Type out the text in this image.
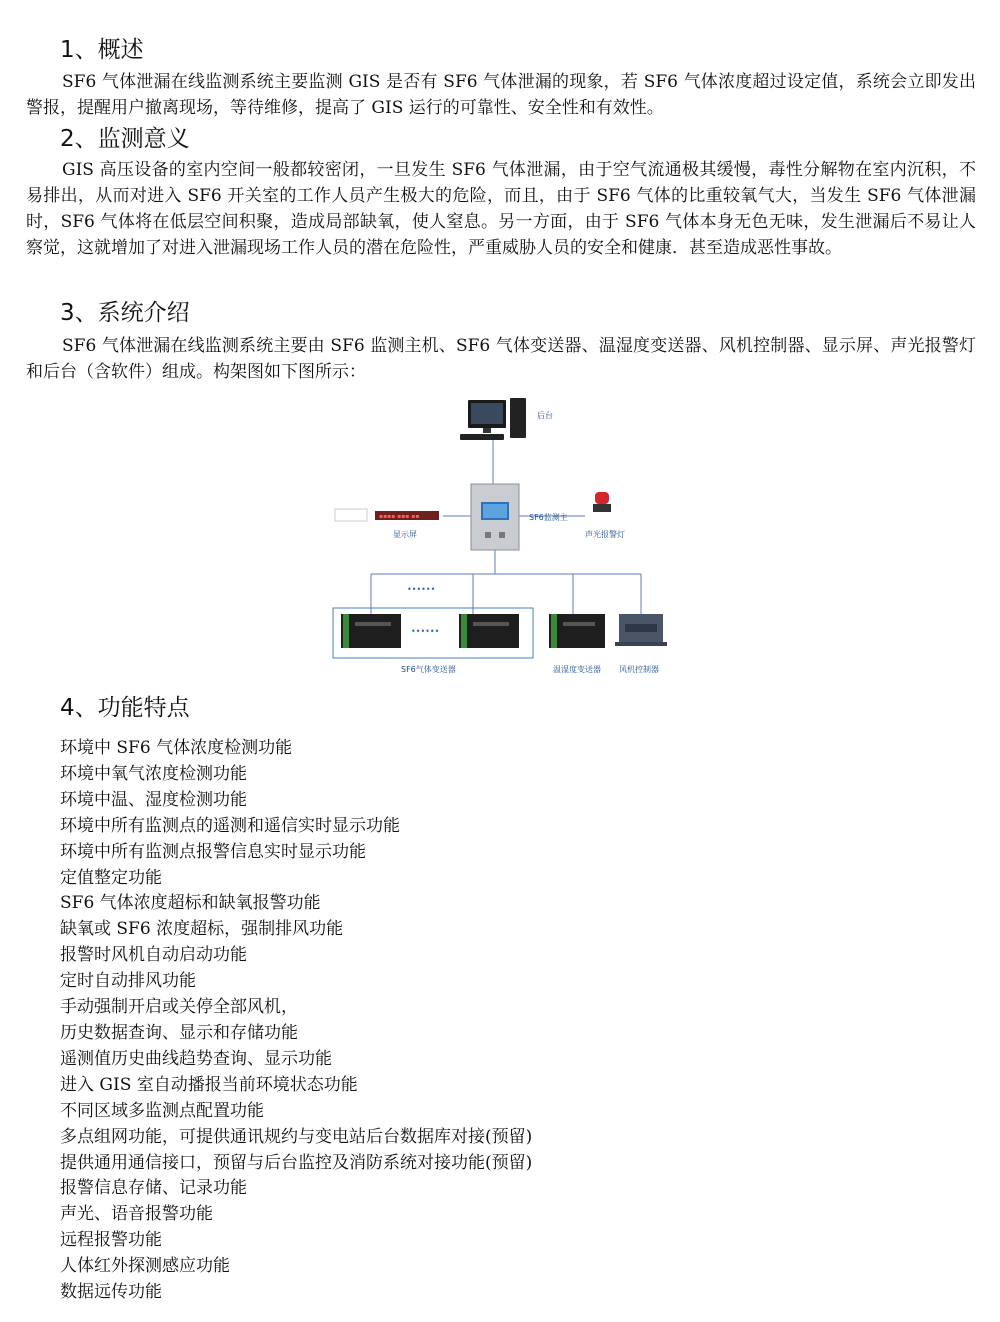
1、概述

SF6 气体泄漏在线监测系统主要监测 GIS 是否有 SF6 气体泄漏的现象，若 SF6 气体浓度超过设定值，系统会立即发出警报，提醒用户撤离现场，等待维修，提高了 GIS 运行的可靠性、安全性和有效性。

2、监测意义

GIS 高压设备的室内空间一般都较密闭，一旦发生 SF6 气体泄漏，由于空气流通极其缓慢，毒性分解物在室内沉积，不易排出，从而对进入 SF6 开关室的工作人员产生极大的危险，而且，由于 SF6 气体的比重较氧气大，当发生 SF6 气体泄漏时，SF6 气体将在低层空间积聚，造成局部缺氧，使人窒息。另一方面，由于 SF6 气体本身无色无味，发生泄漏后不易让人察觉，这就增加了对进入泄漏现场工作人员的潜在危险性，严重威胁人员的安全和健康．甚至造成恶性事故。

3、系统介绍

SF6 气体泄漏在线监测系统主要由 SF6 监测主机、SF6 气体变送器、温湿度变送器、风机控制器、显示屏、声光报警灯和后台（含软件）组成。构架图如下图所示：

后台
SF6监测主
▪▪▪▪ ▪▪▪ ▪▪
显示屏	声光报警灯
••••••
••••••
SF6气体变送器	温湿度变送器 风机控制器
4、功能特点
环境中 SF6 气体浓度检测功能
环境中氧气浓度检测功能
环境中温、湿度检测功能
环境中所有监测点的遥测和遥信实时显示功能
环境中所有监测点报警信息实时显示功能
定值整定功能
SF6 气体浓度超标和缺氧报警功能
缺氧或 SF6 浓度超标，强制排风功能
报警时风机自动启动功能
定时自动排风功能
手动强制开启或关停全部风机，
历史数据查询、显示和存储功能
遥测值历史曲线趋势查询、显示功能
进入 GIS 室自动播报当前环境状态功能
不同区域多监测点配置功能
多点组网功能，可提供通讯规约与变电站后台数据库对接(预留)
提供通用通信接口，预留与后台监控及消防系统对接功能(预留)
报警信息存储、记录功能
声光、语音报警功能
远程报警功能
人体红外探测感应功能
数据远传功能
